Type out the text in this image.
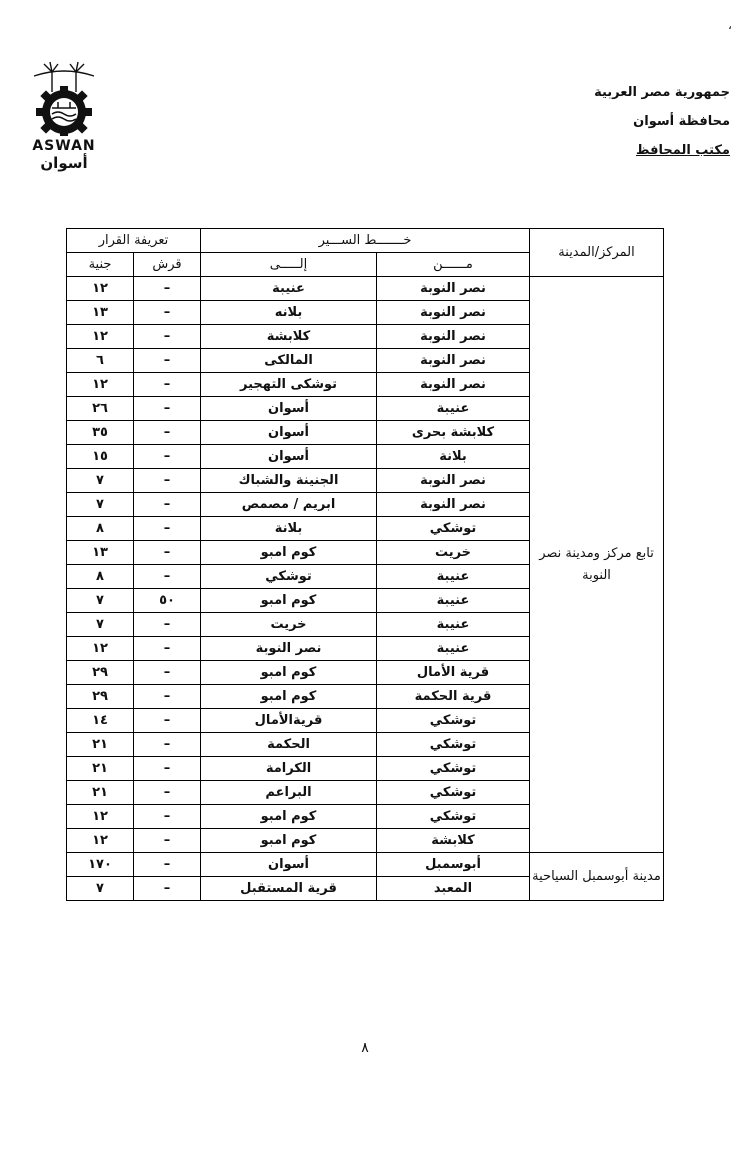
،
ASWAN
أسوان
جمهورية مصر العربية
محافظة أسوان
مكتب المحافظ
المركز/المدينة	خـــــــط الســـير		تعريفة القرار	
	مــــــن	إلـــــى	قرش	جنية
تابع مركز ومدينة نصر النوبة	نصر النوبة	عنيبة	–	١٢
	نصر النوبة	بلانه	–	١٣
	نصر النوبة	كلابشة	–	١٢
	نصر النوبة	المالكى	–	٦
	نصر النوبة	توشكى التهجير	–	١٢
	عنيبة	أسوان	–	٢٦
	كلابشة بحرى	أسوان	–	٣٥
	بلانة	أسوان	–	١٥
	نصر النوبة	الجنينة والشباك	–	٧
	نصر النوبة	ابريم / مصمص	–	٧
	توشكي	بلانة	–	٨
	خريت	كوم امبو	–	١٣
	عنيبة	توشكي	–	٨
	عنيبة	كوم امبو	٥٠	٧
	عنيبة	خريت	–	٧
	عنيبة	نصر النوبة	–	١٢
	قرية الأمال	كوم امبو	–	٢٩
	قرية الحكمة	كوم امبو	–	٢٩
	توشكي	قريةالأمال	–	١٤
	توشكي	الحكمة	–	٢١
	توشكي	الكرامة	–	٢١
	توشكي	البراعم	–	٢١
	توشكي	كوم امبو	–	١٢
	كلابشة	كوم امبو	–	١٢
مدينة أبوسمبل السياحية	أبوسمبل	أسوان	–	١٧٠
	المعبد	قرية المستقبل	–	٧
٨
